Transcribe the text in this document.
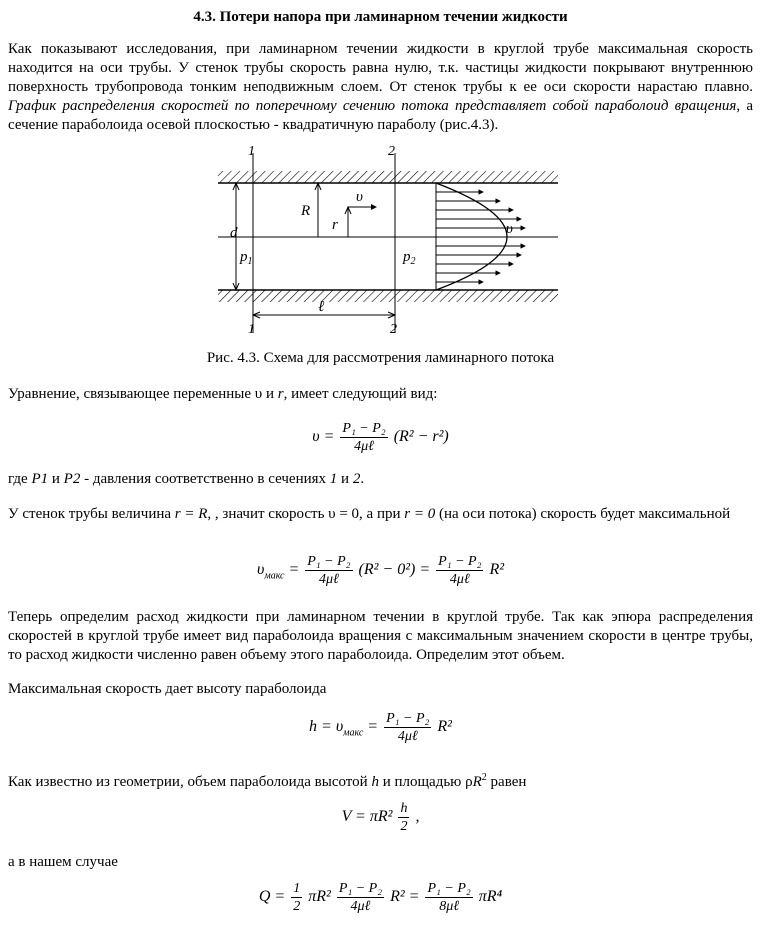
4.3. Потери напора при ламинарном течении жидкости

Как показывают исследования, при ламинарном течении жидкости в круглой трубе максимальная скорость находится на оси трубы. У стенок трубы скорость равна нулю, т.к. частицы жидкости покрывают внутреннюю поверхность трубопровода тонким неподвижным слоем. От стенок трубы к ее оси скорости нарастаю плавно. График распределения скоростей по поперечному сечению потока представляет собой параболоид вращения, а сечение параболоида осевой плоскостью - квадратичную параболу (рис.4.3).

1	2
1	2
d
R
r
υ
$p_1$	$p_2$
ℓ
υ
Рис. 4.3. Схема для рассмотрения ламинарного потока

Уравнение, связывающее переменные υ и r, имеет следующий вид:

$\upsilon = \frac{\text{P₁ − P₂}}{\text{4μℓ}} (R^2 - r^2)$

где P1 и P2 - давления соответственно в сечениях 1 и 2.

У стенок трубы величина r = R, , значит скорость υ = 0, а при r = 0 (на оси потока) скорость будет максимальной

$\upsilon_{макс} = \frac{\text{P₁ − P₂}}{\text{4μℓ}} (R^2 - 0^2) = \frac{\text{P₁ − P₂}}{\text{4μℓ}} R^2$

Теперь определим расход жидкости при ламинарном течении в круглой трубе. Так как эпюра распределения скоростей в круглой трубе имеет вид параболоида вращения с максимальным значением скорости в центре трубы, то расход жидкости численно равен объему этого параболоида. Определим этот объем.

Максимальная скорость дает высоту параболоида

$h = \upsilon_{макс} = \frac{\text{P₁ − P₂}}{\text{4μℓ}} R^2$

Как известно из геометрии, объем параболоида высотой h и площадью $\rho R^2$ равен

$V = \pi R^2 \frac{h}{2}$ ,

а в нашем случае

$Q = \frac{1}{2} \pi R^2 \frac{\text{P₁ − P₂}}{\text{4μℓ}} R^2 = \frac{\text{P₁ − P₂}}{\text{8μℓ}} \pi R^4$
